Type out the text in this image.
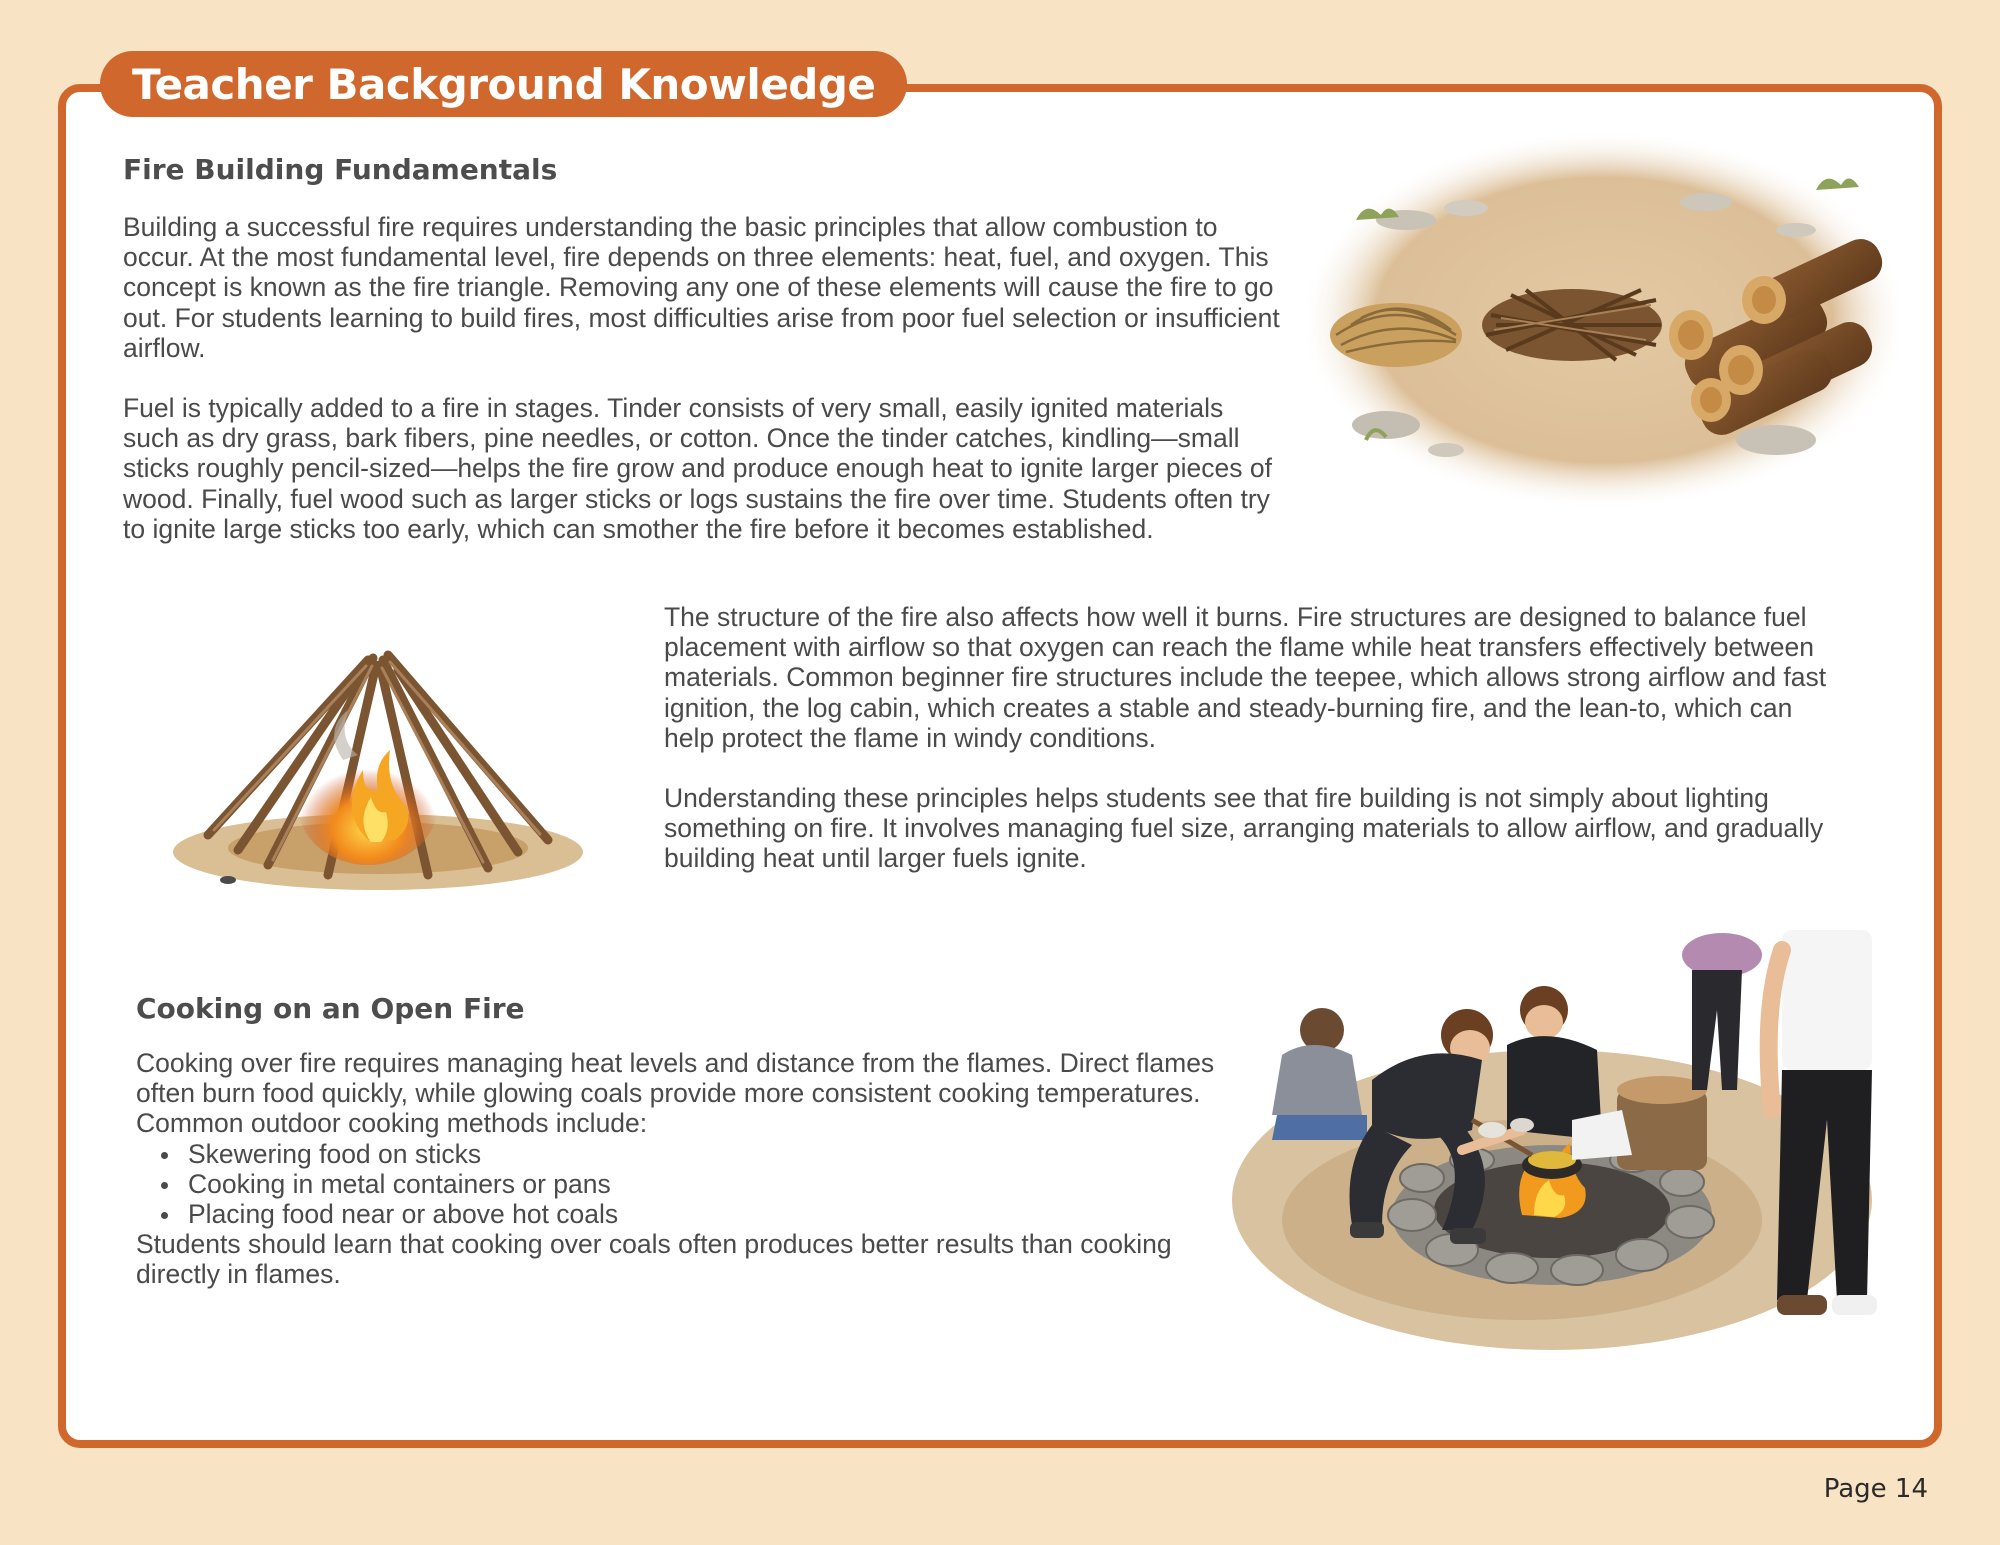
Teacher Background Knowledge
Fire Building Fundamentals

Building a successful fire requires understanding the basic principles that allow combustion to occur. At the most fundamental level, fire depends on three elements: heat, fuel, and oxygen. This concept is known as the fire triangle. Removing any one of these elements will cause the fire to go out. For students learning to build fires, most difficulties arise from poor fuel selection or insufficient airflow.

Fuel is typically added to a fire in stages. Tinder consists of very small, easily ignited materials such as dry grass, bark fibers, pine needles, or cotton. Once the tinder catches, kindling—small sticks roughly pencil-sized—helps the fire grow and produce enough heat to ignite larger pieces of wood. Finally, fuel wood such as larger sticks or logs sustains the fire over time. Students often try to ignite large sticks too early, which can smother the fire before it becomes established.

The structure of the fire also affects how well it burns. Fire structures are designed to balance fuel placement with airflow so that oxygen can reach the flame while heat transfers effectively between materials. Common beginner fire structures include the teepee, which allows strong airflow and fast ignition, the log cabin, which creates a stable and steady-burning fire, and the lean-to, which can help protect the flame in windy conditions.

Understanding these principles helps students see that fire building is not simply about lighting something on fire. It involves managing fuel size, arranging materials to allow airflow, and gradually building heat until larger fuels ignite.

Cooking on an Open Fire

Cooking over fire requires managing heat levels and distance from the flames. Direct flames often burn food quickly, while glowing coals provide more consistent cooking temperatures.

Common outdoor cooking methods include:

Skewering food on sticks
Cooking in metal containers or pans
Placing food near or above hot coals

Students should learn that cooking over coals often produces better results than cooking directly in flames.

Page 14
